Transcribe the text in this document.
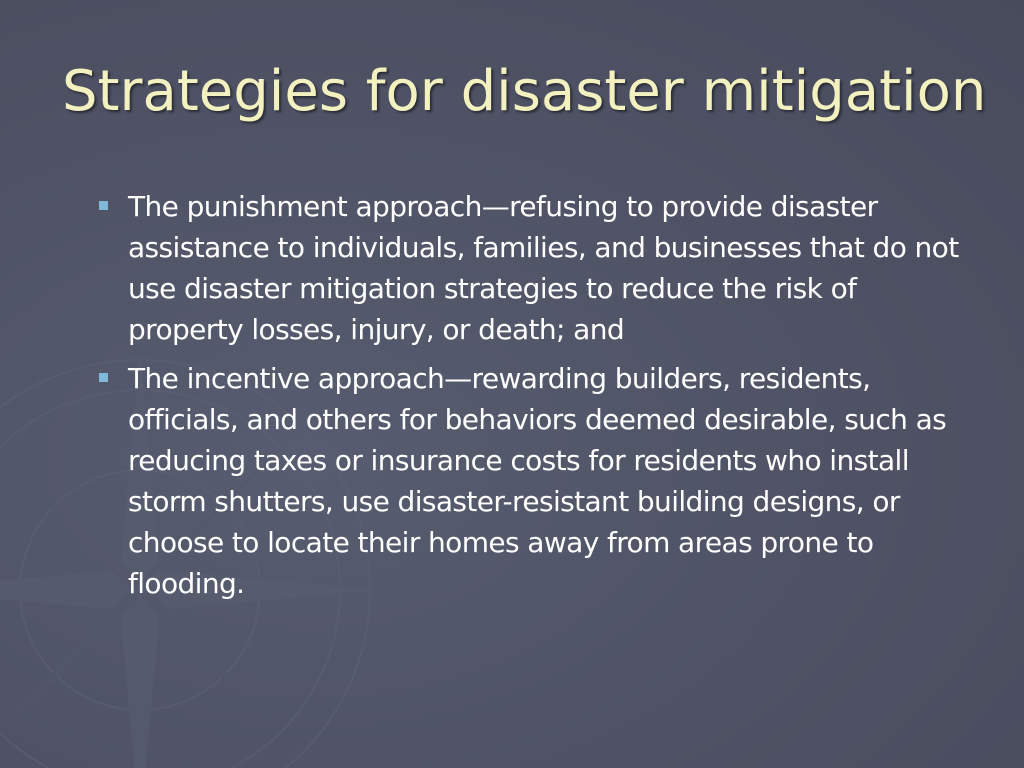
Strategies for disaster mitigation
The punishment approach—refusing to provide disaster assistance to individuals, families, and businesses that do not use disaster mitigation strategies to reduce the risk of property losses, injury, or death; and
The incentive approach—rewarding builders, residents, officials, and others for behaviors deemed desirable, such as reducing taxes or insurance costs for residents who install storm shutters, use disaster-resistant building designs, or choose to locate their homes away from areas prone to flooding.
